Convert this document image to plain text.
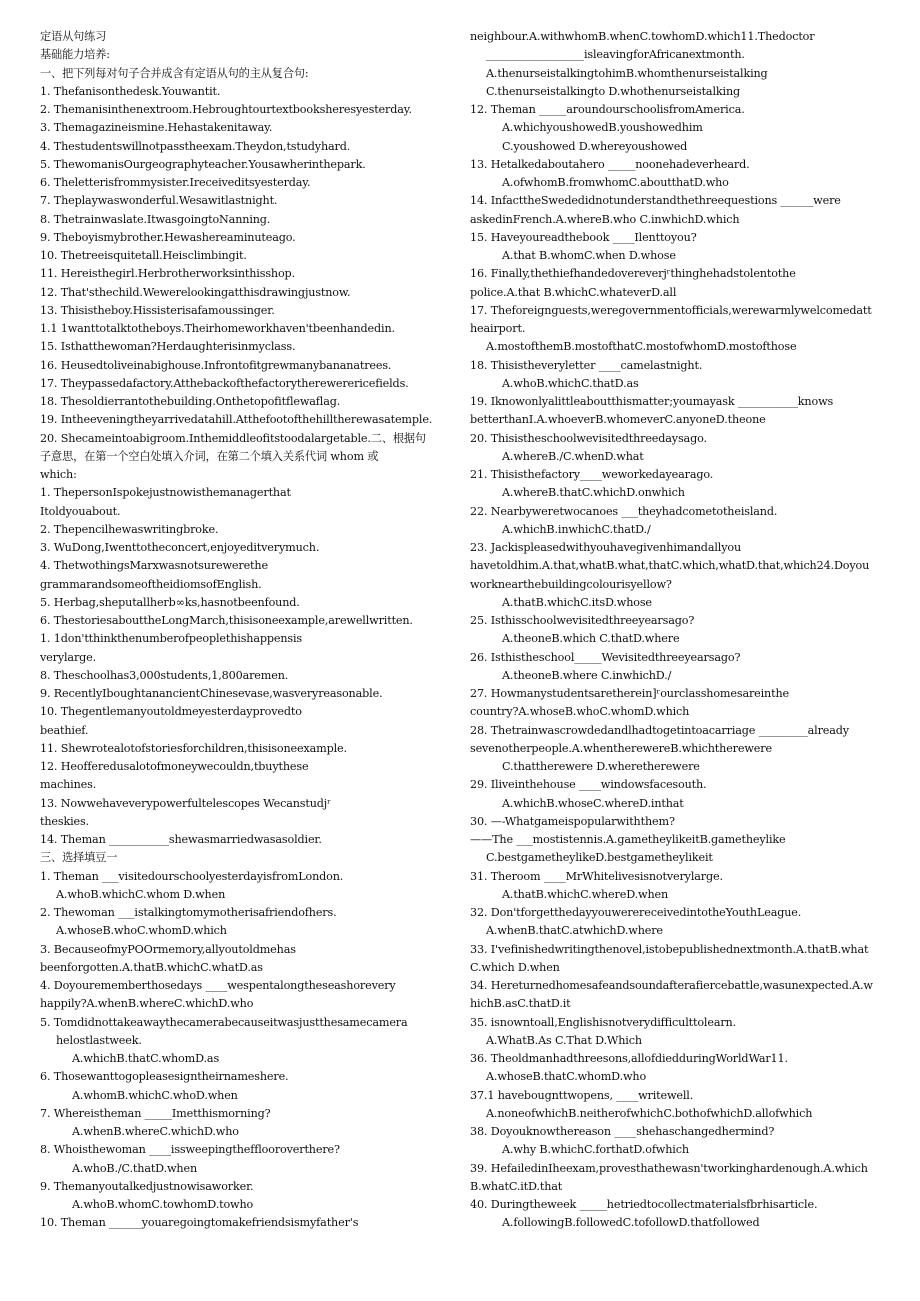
定语从句练习
基础能力培养:
一、把下列每对句子合并成含有定语从句的主从复合句:
1. Thefanisonthedesk.Youwantit.
2. Themanisinthenextroom.Hebroughtourtextbooksheresyesterday.
3. Themagazineismine.Hehastakenitaway.
4. Thestudentswillnotpasstheexam.Theydon,tstudyhard.
5. ThewomanisOurgeographyteacher.Yousawherinthepark.
6. Theletterisfrommysister.Ireceiveditsyesterday.
7. Theplaywaswonderful.Wesawitlastnight.
8. Thetrainwaslate.ItwasgoingtoNanning.
9. Theboyismybrother.Hewashereaminuteago.
10. Thetreeisquitetall.Heisclimbingit.
11. Hereisthegirl.Herbrotherworksinthisshop.
12. That'sthechild.Wewerelookingatthisdrawingjustnow.
13. Thisistheboy.Hissisterisafamoussinger.
1.1 1wanttotalktotheboys.Theirhomeworkhaven'tbeenhandedin.
15. Isthatthewoman?Herdaughterisinmyclass.
16. Heusedtoliveinabighouse.Infrontofitgrewmanybananatrees.
17. Theypassedafactory.Atthebackofthefactorytherewerericefields.
18. Thesoldierrantothebuilding.Onthetopofitflewaflag.
19. Intheeveningtheyarrivedatahill.Atthefootofthehilltherewasatemple.
20. Shecameintoabigroom.Inthemiddleofitstoodalargetable.二、根据句
子意思，在第一个空白处填入介词，在第二个填入关系代词 whom 或
which:
1. ThepersonIspokejustnowisthemanagerthat
Itoldyouabout.
2. Thepencilhewaswritingbroke.
3. WuDong,Iwenttotheconcert,enjoyeditverymuch.
4. ThetwothingsMarxwasnotsurewerethe
grammarandsomeoftheidiomsofEnglish.
5. Herbag,sheputallherb∞ks,hasnotbeenfound.
6. ThestoriesabouttheLongMarch,thisisoneexample,arewellwritten.
1. 1don'tthinkthenumberofpeoplethishappensis
verylarge.
8. Theschoolhas3,000students,1,800aremen.
9. RecentlyIboughtanancientChinesevase,wasveryreasonable.
10. Thegentlemanyoutoldmeyesterdayprovedto
beathief.
11. Shewrotealotofstoriesforchildren,thisisoneexample.
12. Heofferedusalotofmoneywecouldn,tbuythese
machines.
13. Nowwehaveverypowerfultelescopes Wecanstudjʳ
theskies.
14. Theman ___________shewasmarriedwasasoldier.
三、选择填豆一
1. Theman ___visitedourschoolyesterdayisfromLondon.
A.whoB.whichC.whom D.when
2. Thewoman ___istalkingtomymotherisafriendofhers.
A.whoseB.whoC.whomD.which
3. BecauseofmyPOOrmemory,allyoutoldmehas
beenforgotten.A.thatB.whichC.whatD.as
4. Doyourememberthosedays ____wespentalongtheseashorevery
happily?A.whenB.whereC.whichD.who
5. Tomdidnottakeawaythecamerabecauseitwasjustthesamecamera
helostlastweek.
A.whichB.thatC.whomD.as
6. Thosewanttogopleasesigntheirnameshere.
A.whomB.whichC.whoD.when
7. Whereistheman _____Imetthismorning?
A.whenB.whereC.whichD.who
8. Whoisthewoman ____issweepingthefflooroverthere?
A.whoB./C.thatD.when
9. Themanyoutalkedjustnowisaworker.
A.whoB.whomC.towhomD.towho
10. Theman ______youaregoingtomakefriendsismyfather's
neighbour.A.withwhomB.whenC.towhomD.which11.Thedoctor
__________________isleavingforAfricanextmonth.
A.thenurseistalkingtohimB.whomthenurseistalking
C.thenurseistalkingto D.whothenurseistalking
12. Theman _____aroundourschoolisfromAmerica.
A.whichyoushowedB.youshowedhim
C.youshowed D.whereyoushowed
13. Hetalkedaboutahero _____noonehadeverheard.
A.ofwhomB.fromwhomC.aboutthatD.who
14. InfacttheSwededidnotunderstandthethreequestions ______were
askedinFrench.A.whereB.who C.inwhichD.which
15. Haveyoureadthebook ____Ilenttoyou?
A.that B.whomC.when D.whose
16. Finally,thethiefhandedovereverjʳthinghehadstolentothe
police.A.that B.whichC.whateverD.all
17. Theforeignguests,weregovernmentofficials,werewarmlywelcomedatt
heairport.
A.mostofthemB.mostofthatC.mostofwhomD.mostofthose
18. Thisistheveryletter ____camelastnight.
A.whoB.whichC.thatD.as
19. Iknowonlyalittleaboutthismatter;youmayask ___________knows
betterthanI.A.whoeverB.whomeverC.anyoneD.theone
20. Thisistheschoolwevisitedthreedaysago.
A.whereB./C.whenD.what
21. Thisisthefactory____weworkedayearago.
A.whereB.thatC.whichD.onwhich
22. Nearbyweretwocanoes ___theyhadcometotheisland.
A.whichB.inwhichC.thatD./
23. Jackispleasedwithyouhavegivenhimandallyou
havetoldhim.A.that,whatB.what,thatC.which,whatD.that,which24.Doyou
worknearthebuildingcolourisyellow?
A.thatB.whichC.itsD.whose
25. Isthisschoolwevisitedthreeyearsago?
A.theoneB.which C.thatD.where
26. Isthistheschool_____Wevisitedthreeyearsago?
A.theoneB.where C.inwhichD./
27. Howmanystudentsaretherein]ʳourclasshomesareinthe
country?A.whoseB.whoC.whomD.which
28. Thetrainwascrowdedandlhadtogetintoacarriage _________already
sevenotherpeople.A.whentherewereB.whichtherewere
C.thattherewere D.wheretherewere
29. Iliveinthehouse ____windowsfacesouth.
A.whichB.whoseC.whereD.inthat
30. —-Whatgameispopularwiththem?
——The ___mostistennis.A.gametheylikeitB.gametheylike
C.bestgametheylikeD.bestgametheylikeit
31. Theroom ____MrWhitelivesisnotverylarge.
A.thatB.whichC.whereD.when
32. Don'tforgetthedayyouwerereceivedintotheYouthLeague.
A.whenB.thatC.atwhichD.where
33. I'vefinishedwritingthenovel,istobepublishednextmonth.A.thatB.what
C.which D.when
34. Hereturnedhomesafeandsoundafterafiercebattle,wasunexpected.A.w
hichB.asC.thatD.it
35. isnowntoall,Englishisnotverydifficulttolearn.
A.WhatB.As C.That D.Which
36. Theoldmanhadthreesons,allofdiedduringWorldWar11.
A.whoseB.thatC.whomD.who
37.1 havebougnttwopens, ____writewell.
A.noneofwhichB.neitherofwhichC.bothofwhichD.allofwhich
38. Doyouknowthereason ____shehaschangedhermind?
A.why B.whichC.forthatD.ofwhich
39. HefailedinIheexam,provesthathewasn'tworkinghardenough.A.which
B.whatC.itD.that
40. Duringtheweek _____hetriedtocollectmaterialsfbrhisarticle.
A.followingB.followedC.tofollowD.thatfollowed
